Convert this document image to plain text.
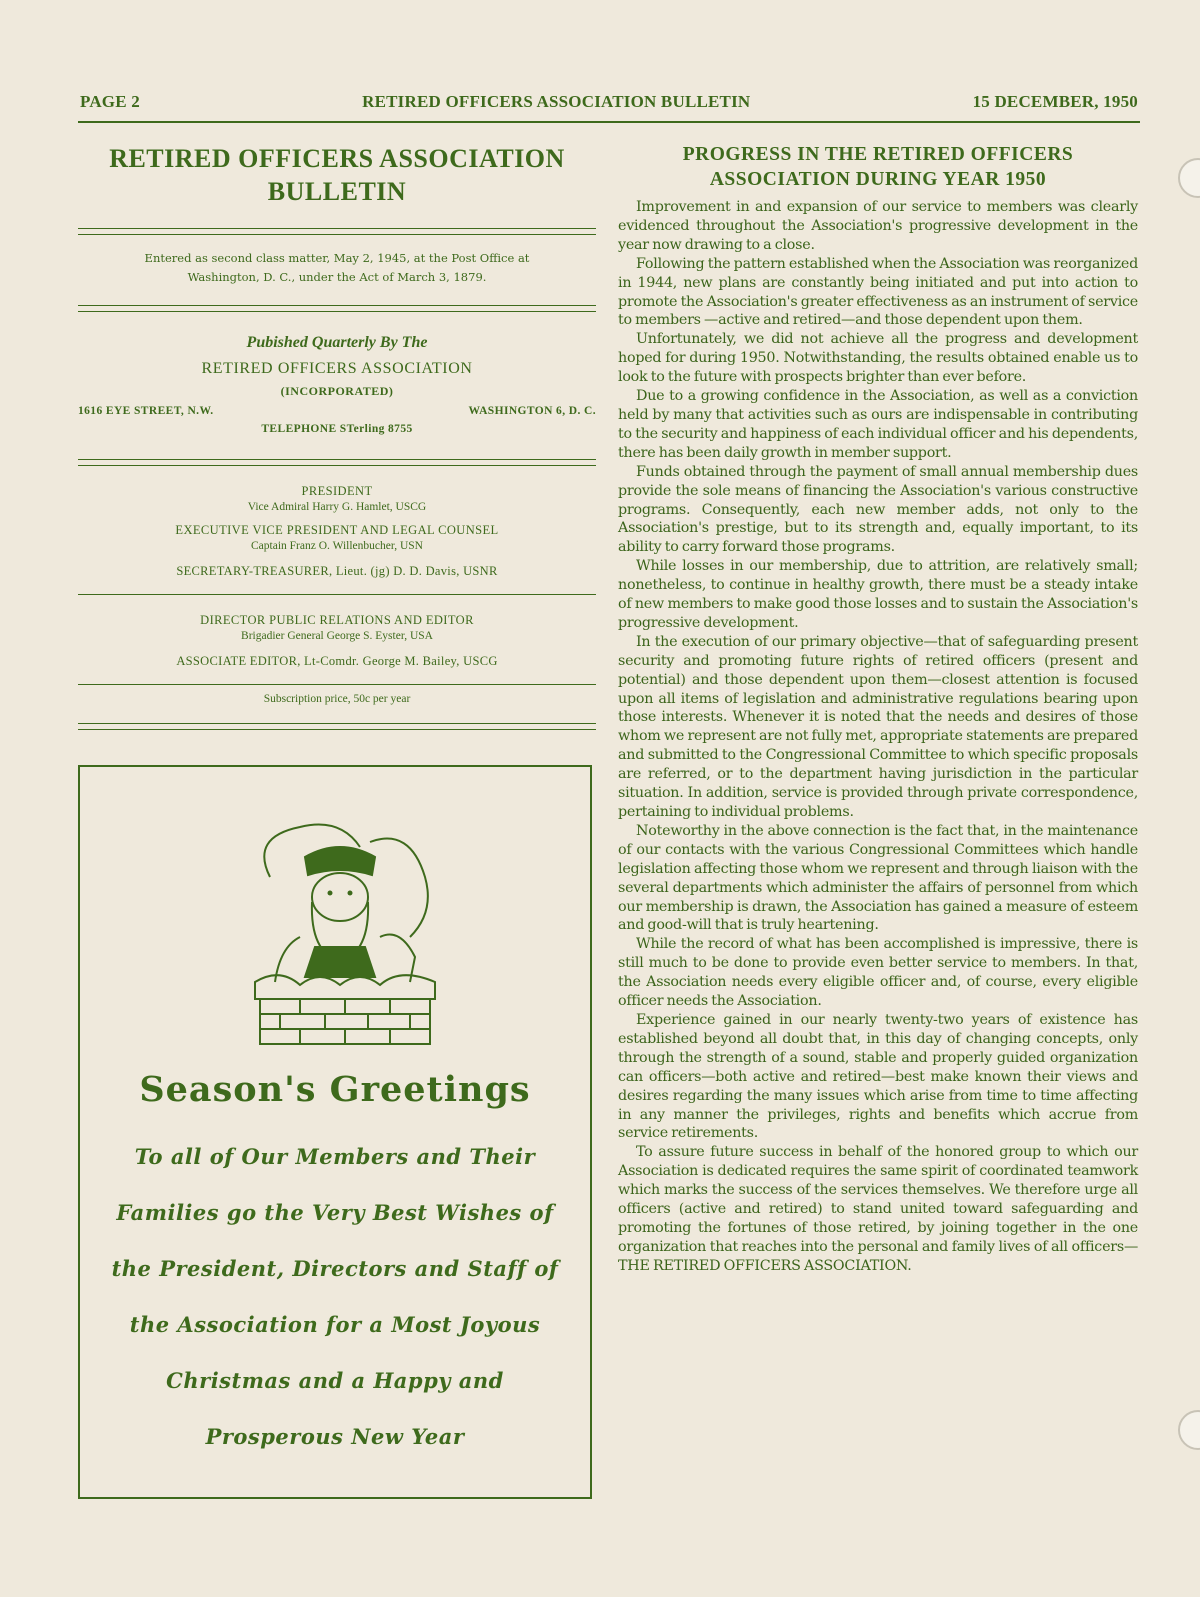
PAGE 2	RETIRED OFFICERS ASSOCIATION BULLETIN	15 DECEMBER, 1950
RETIRED OFFICERS ASSOCIATION
BULLETIN
Entered as second class matter, May 2, 1945, at the Post Office at
Washington, D. C., under the Act of March 3, 1879.
Pubished Quarterly By The
RETIRED OFFICERS ASSOCIATION
(INCORPORATED)
1616 EYE STREET, N.W.	WASHINGTON 6, D. C.
TELEPHONE STerling 8755
PRESIDENT
Vice Admiral Harry G. Hamlet, USCG
EXECUTIVE VICE PRESIDENT AND LEGAL COUNSEL
Captain Franz O. Willenbucher, USN
SECRETARY-TREASURER, Lieut. (jg) D. D. Davis, USNR
DIRECTOR PUBLIC RELATIONS AND EDITOR
Brigadier General George S. Eyster, USA
ASSOCIATE EDITOR, Lt-Comdr. George M. Bailey, USCG
Subscription price, 50c per year
Season's Greetings
To all of Our Members and Their
Families go the Very Best Wishes of
the President, Directors and Staff of
the Association for a Most Joyous
Christmas and a Happy and
Prosperous New Year
PROGRESS IN THE RETIRED OFFICERS
ASSOCIATION DURING YEAR 1950

Improvement in and expansion of our service to members was clearly evidenced throughout the Association's progressive development in the year now drawing to a close.

Following the pattern established when the Association was reorganized in 1944, new plans are constantly being initiated and put into action to promote the Association's greater effectiveness as an instrument of service to members —active and retired—and those dependent upon them.

Unfortunately, we did not achieve all the progress and development hoped for during 1950. Notwithstanding, the results obtained enable us to look to the future with prospects brighter than ever before.

Due to a growing confidence in the Association, as well as a conviction held by many that activities such as ours are indispensable in contributing to the security and happiness of each individual officer and his dependents, there has been daily growth in member support.

Funds obtained through the payment of small annual membership dues provide the sole means of financing the Association's various constructive programs. Consequently, each new member adds, not only to the Association's prestige, but to its strength and, equally important, to its ability to carry forward those programs.

While losses in our membership, due to attrition, are relatively small; nonetheless, to continue in healthy growth, there must be a steady intake of new members to make good those losses and to sustain the Association's progressive development.

In the execution of our primary objective—that of safeguarding present security and promoting future rights of retired officers (present and potential) and those dependent upon them—closest attention is focused upon all items of legislation and administrative regulations bearing upon those interests. Whenever it is noted that the needs and desires of those whom we represent are not fully met, appropriate statements are prepared and submitted to the Congressional Committee to which specific proposals are referred, or to the department having jurisdiction in the particular situation. In addition, service is provided through private correspondence, pertaining to individual problems.

Noteworthy in the above connection is the fact that, in the maintenance of our contacts with the various Congressional Committees which handle legislation affecting those whom we represent and through liaison with the several departments which administer the affairs of personnel from which our membership is drawn, the Association has gained a measure of esteem and good-will that is truly heartening.

While the record of what has been accomplished is impressive, there is still much to be done to provide even better service to members. In that, the Association needs every eligible officer and, of course, every eligible officer needs the Association.

Experience gained in our nearly twenty-two years of existence has established beyond all doubt that, in this day of changing concepts, only through the strength of a sound, stable and properly guided organization can officers—both active and retired—best make known their views and desires regarding the many issues which arise from time to time affecting in any manner the privileges, rights and benefits which accrue from service retirements.

To assure future success in behalf of the honored group to which our Association is dedicated requires the same spirit of coordinated teamwork which marks the success of the services themselves. We therefore urge all officers (active and retired) to stand united toward safeguarding and promoting the fortunes of those retired, by joining together in the one organization that reaches into the personal and family lives of all officers—THE RETIRED OFFICERS ASSOCIATION.
